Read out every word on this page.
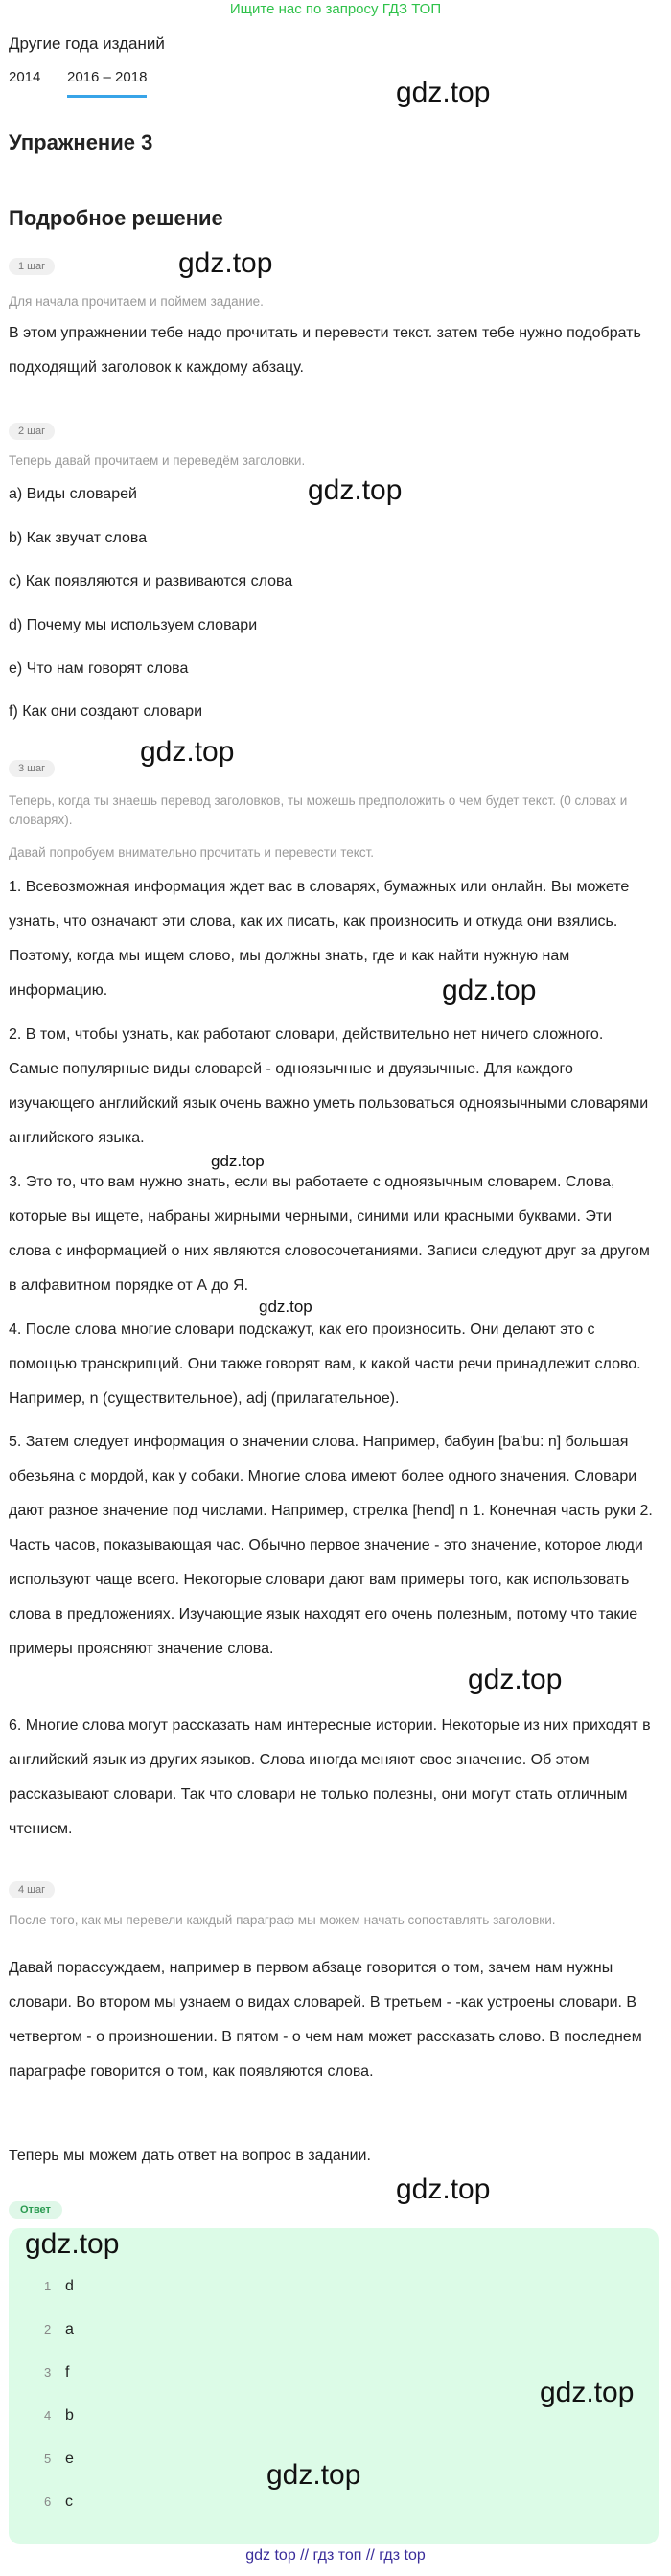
Ищите нас по запросу ГДЗ ТОП
Другие года изданий
2014 2016 – 2018	gdz.top
Упражнение 3
Подробное решение
1 шаг	gdz.top
Для начала прочитаем и поймем задание.
В этом упражнении тебе надо прочитать и перевести текст. затем тебе нужно подобрать подходящий заголовок к каждому абзацу.
2 шаг
Теперь давай прочитаем и переведём заголовки.
gdz.top
a) Виды словарей
b) Как звучат слова
c) Как появляются и развиваются слова
d) Почему мы используем словари
e) Что нам говорят слова
f) Как они создают словари
3 шаг
gdz.top
Теперь, когда ты знаешь перевод заголовков, ты можешь предположить о чем будет текст. (0 словах и словарях).
Давай попробуем внимательно прочитать и перевести текст.
1. Всевозможная информация ждет вас в словарях, бумажных или онлайн. Вы можете узнать, что означают эти слова, как их писать, как произносить и откуда они взялись. Поэтому, когда мы ищем слово, мы должны знать, где и как найти нужную нам информацию.	gdz.top
2. В том, чтобы узнать, как работают словари, действительно нет ничего сложного. Самые популярные виды словарей - одноязычные и двуязычные. Для каждого изучающего английский язык очень важно уметь пользоваться одноязычными словарями английского языка.
gdz.top
3. Это то, что вам нужно знать, если вы работаете с одноязычным словарем. Слова, которые вы ищете, набраны жирными черными, синими или красными буквами. Эти слова с информацией о них являются словосочетаниями. Записи следуют друг за другом в алфавитном порядке от А до Я.
gdz.top
4. После слова многие словари подскажут, как его произносить. Они делают это с помощью транскрипций. Они также говорят вам, к какой части речи принадлежит слово. Например, n (существительное), adj (прилагательное).
5. Затем следует информация о значении слова. Например, бабуин [ba'bu: n] большая обезьяна с мордой, как у собаки. Многие слова имеют более одного значения. Словари дают разное значение под числами. Например, стрелка [hend] n 1. Конечная часть руки 2. Часть часов, показывающая час. Обычно первое значение - это значение, которое люди используют чаще всего. Некоторые словари дают вам примеры того, как использовать слова в предложениях. Изучающие язык находят его очень полезным, потому что такие примеры проясняют значение слова.
gdz.top
6. Многие слова могут рассказать нам интересные истории. Некоторые из них приходят в английский язык из других языков. Слова иногда меняют свое значение. Об этом рассказывают словари. Так что словари не только полезны, они могут стать отличным чтением.
4 шаг
После того, как мы перевели каждый параграф мы можем начать сопоставлять заголовки.
Давай порассуждаем, например в первом абзаце говорится о том, зачем нам нужны словари. Во втором мы узнаем о видах словарей. В третьем - -как устроены словари. В четвертом - о произношении. В пятом - о чем нам может рассказать слово. В последнем параграфе говорится о том, как появляются слова.
Теперь мы можем дать ответ на вопрос в задании.
gdz.top
Ответ
gdz.top
1 d
2 a
3 f
4 b
5 e
6 c
gdz.top
gdz.top
gdz top // гдз топ // гдз top
